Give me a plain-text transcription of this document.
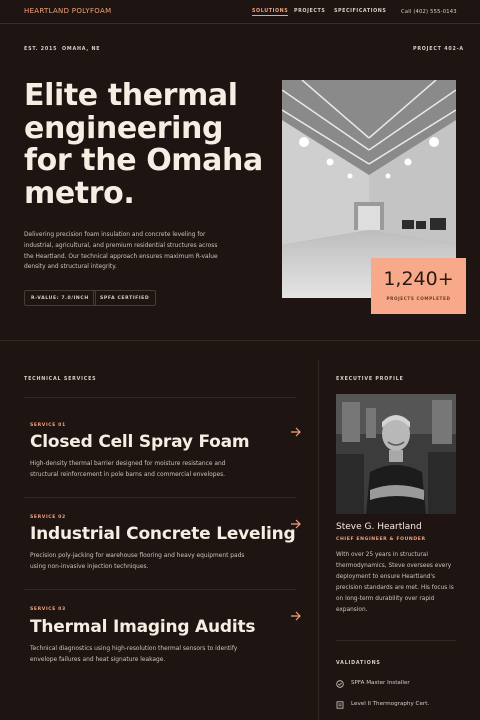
HEARTLAND POLYFOAM	SOLUTIONS PROJECTS SPECIFICATIONS	Call (402) 555-0143
EST. 2015 OMAHA, NE	PROJECT 402-A
Elite thermal engineering for the Omaha metro.

Delivering precision foam insulation and concrete leveling for industrial, agricultural, and premium residential structures across the Heartland. Our technical approach ensures maximum R-value density and structural integrity.

R-VALUE: 7.0/INCH SPFA CERTIFIED
1,240+
PROJECTS COMPLETED
TECHNICAL SERVICES
SERVICE 01
Closed Cell Spray Foam
High-density thermal barrier designed for moisture resistance and structural reinforcement in pole barns and commercial envelopes.
SERVICE 02
Industrial Concrete Leveling
Precision poly-jacking for warehouse flooring and heavy equipment pads using non-invasive injection techniques.
SERVICE 03
Thermal Imaging Audits
Technical diagnostics using high-resolution thermal sensors to identify envelope failures and heat signature leakage.
EXECUTIVE PROFILE
Steve G. Heartland
CHIEF ENGINEER & FOUNDER

With over 25 years in structural thermodynamics, Steve oversees every deployment to ensure Heartland's precision standards are met. His focus is on long-term durability over rapid expansion.

VALIDATIONS
SPFA Master Installer
Level II Thermography Cert.
